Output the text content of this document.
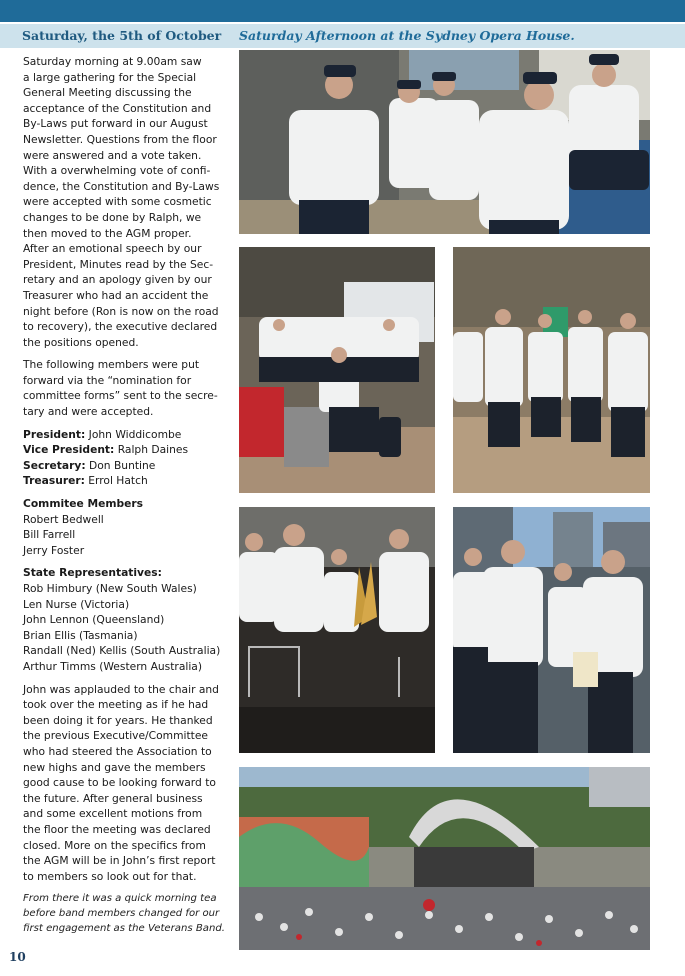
Saturday, the 5th of October Saturday Afternoon at the Sydney Opera House.
Saturday morning at 9.00am saw
a large gathering for the Special
General Meeting discussing the
acceptance of the Constitution and
By-Laws put forward in our August
Newsletter. Questions from the floor
were answered and a vote taken.
With a overwhelming vote of confi-
dence, the Constitution and By-Laws
were accepted with some cosmetic
changes to be done by Ralph, we
then moved to the AGM proper.
After an emotional speech by our
President, Minutes read by the Sec-
retary and an apology given by our
Treasurer who had an accident the
night before (Ron is now on the road
to recovery), the executive declared
the positions opened.
The following members were put
forward via the “nomination for
committee forms” sent to the secre-
tary and were accepted.
President: John Widdicombe
Vice President: Ralph Daines
Secretary: Don Buntine
Treasurer: Errol Hatch
Commitee Members
Robert Bedwell
Bill Farrell
Jerry Foster
State Representatives:
Rob Himbury (New South Wales)
Len Nurse (Victoria)
John Lennon (Queensland)
Brian Ellis (Tasmania)
Randall (Ned) Kellis (South Australia)
Arthur Timms (Western Australia)
John was applauded to the chair and
took over the meeting as if he had
been doing it for years. He thanked
the previous Executive/Committee
who had steered the Association to
new highs and gave the members
good cause to be looking forward to
the future. After general business
and some excellent motions from
the floor the meeting was declared
closed. More on the specifics from
the AGM will be in John’s first report
to members so look out for that.
From there it was a quick morning tea
before band members changed for our
first engagement as the Veterans Band.
10
